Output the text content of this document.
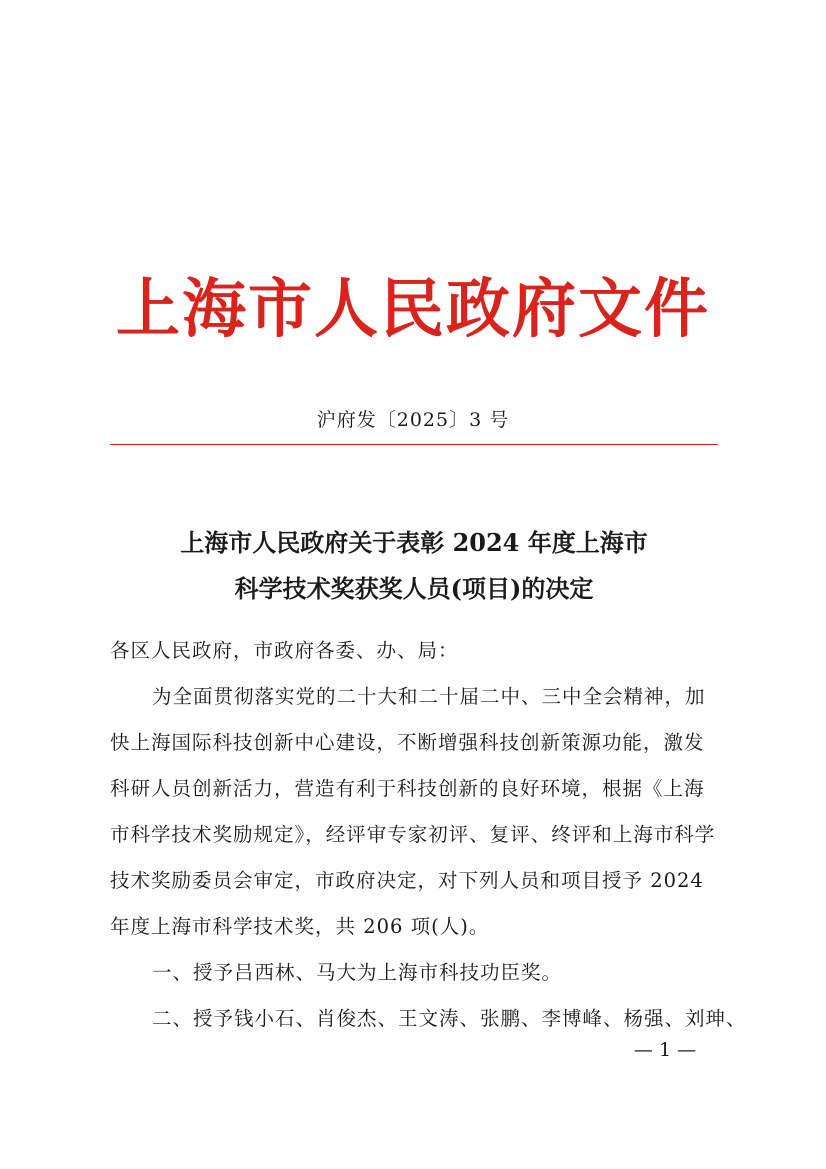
上海市人民政府文件
沪府发〔2025〕3 号
上海市人民政府关于表彰 2024 年度上海市
科学技术奖获奖人员(项目)的决定

各区人民政府，市政府各委、办、局：

为全面贯彻落实党的二十大和二十届二中、三中全会精神，加
快上海国际科技创新中心建设，不断增强科技创新策源功能，激发
科研人员创新活力，营造有利于科技创新的良好环境，根据《上海
市科学技术奖励规定》，经评审专家初评、复评、终评和上海市科学
技术奖励委员会审定，市政府决定，对下列人员和项目授予 2024
年度上海市科学技术奖，共 206 项(人)。

一、授予吕西林、马大为上海市科技功臣奖。

二、授予钱小石、肖俊杰、王文涛、张鹏、李博峰、杨强、刘珅、

— 1 —
